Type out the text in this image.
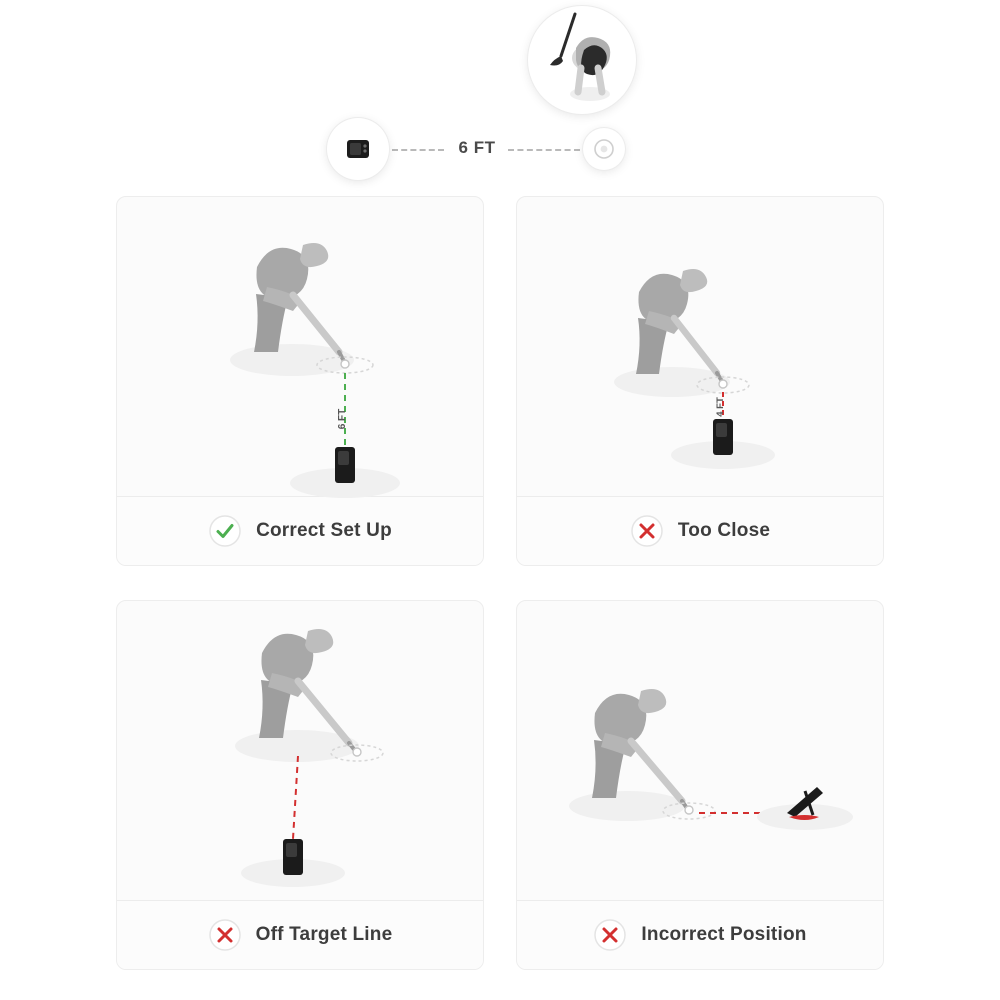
6 FT
6 FT
Correct Set Up
4 FT
Too Close
Off Target Line	Incorrect Position
